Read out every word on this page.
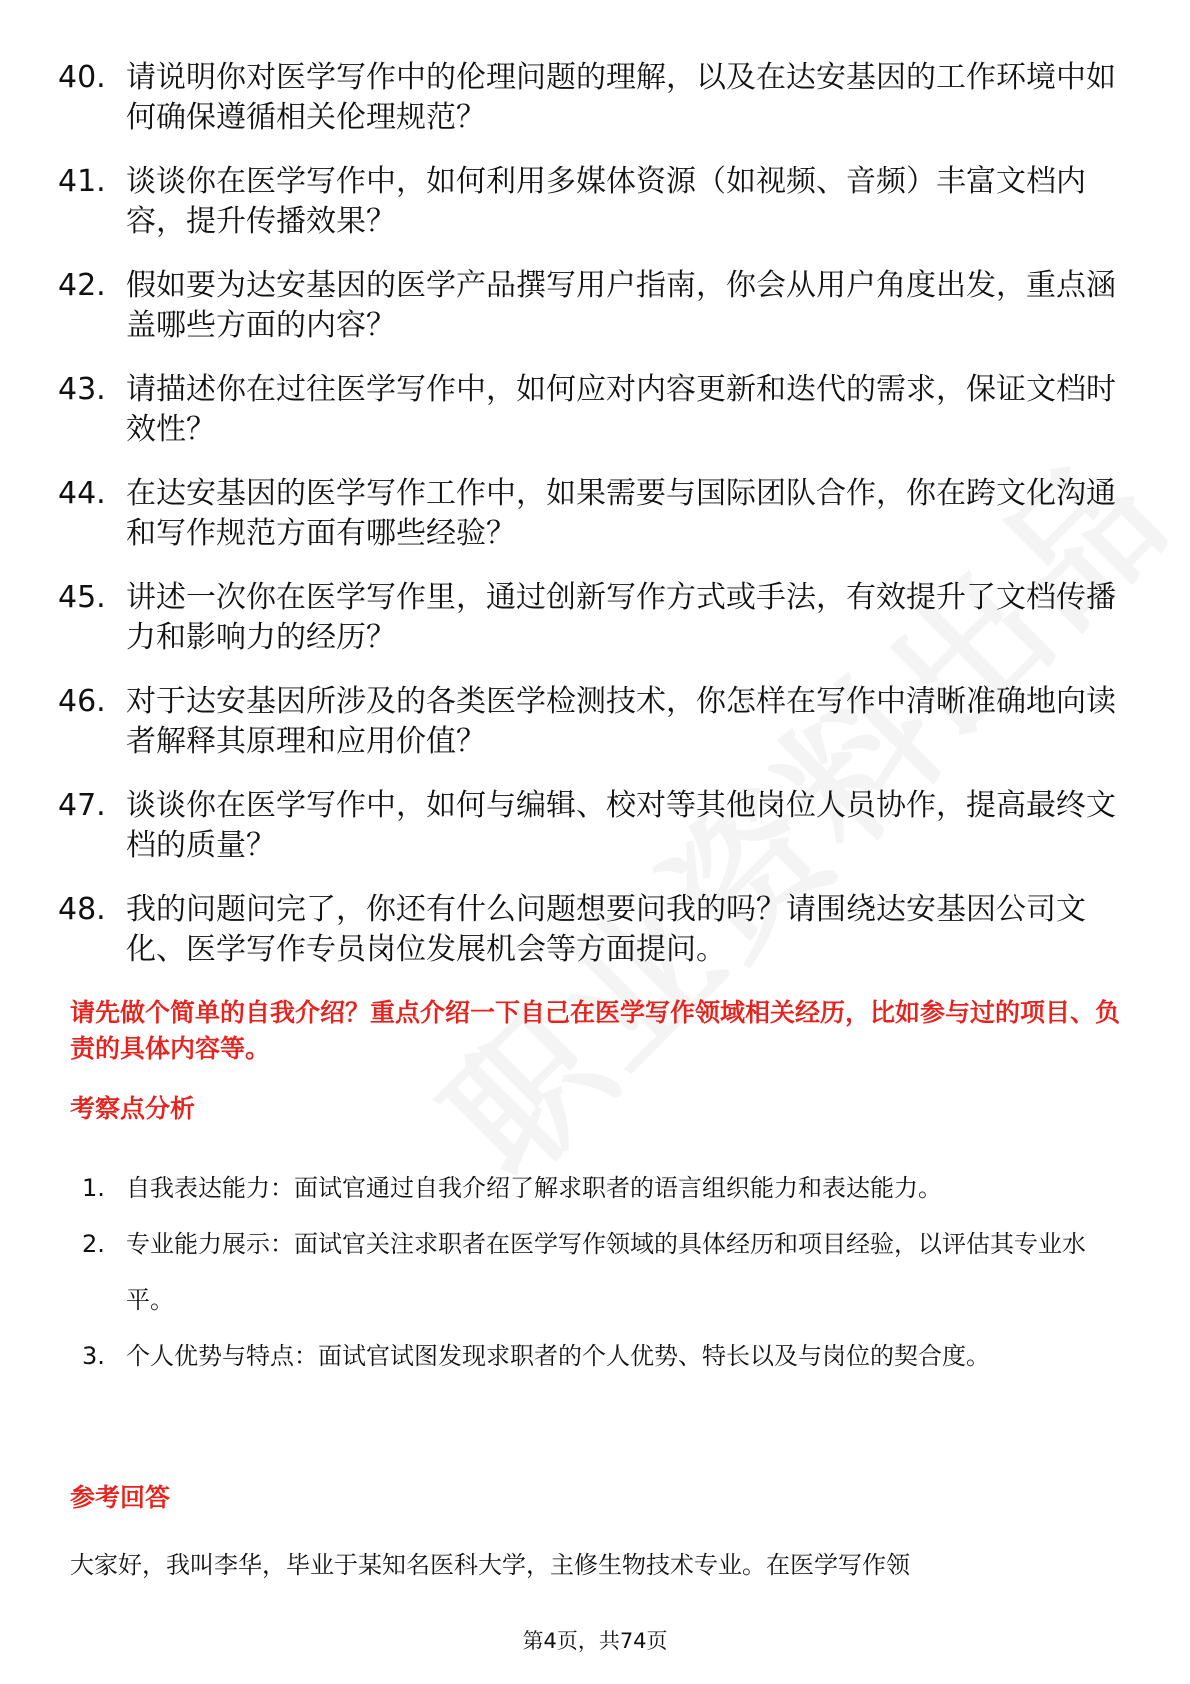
40. 请说明你对医学写作中的伦理问题的理解，以及在达安基因的工作环境中如何确保遵循相关伦理规范？
41. 谈谈你在医学写作中，如何利用多媒体资源（如视频、音频）丰富文档内容，提升传播效果？
42. 假如要为达安基因的医学产品撰写用户指南，你会从用户角度出发，重点涵盖哪些方面的内容？
43. 请描述你在过往医学写作中，如何应对内容更新和迭代的需求，保证文档时效性？
44. 在达安基因的医学写作工作中，如果需要与国际团队合作，你在跨文化沟通和写作规范方面有哪些经验？
45. 讲述一次你在医学写作里，通过创新写作方式或手法，有效提升了文档传播力和影响力的经历？
46. 对于达安基因所涉及的各类医学检测技术，你怎样在写作中清晰准确地向读者解释其原理和应用价值？
47. 谈谈你在医学写作中，如何与编辑、校对等其他岗位人员协作，提高最终文档的质量？
48. 我的问题问完了，你还有什么问题想要问我的吗？请围绕达安基因公司文化、医学写作专员岗位发展机会等方面提问。

请先做个简单的自我介绍？重点介绍一下自己在医学写作领域相关经历，比如参与过的项目、负责的具体内容等。

考察点分析
1. 自我表达能力：面试官通过自我介绍了解求职者的语言组织能力和表达能力。
2. 专业能力展示：面试官关注求职者在医学写作领域的具体经历和项目经验，以评估其专业水平。
3. 个人优势与特点：面试官试图发现求职者的个人优势、特长以及与岗位的契合度。
参考回答

大家好，我叫李华，毕业于某知名医科大学，主修生物技术专业。在医学写作领

第4页，共74页
